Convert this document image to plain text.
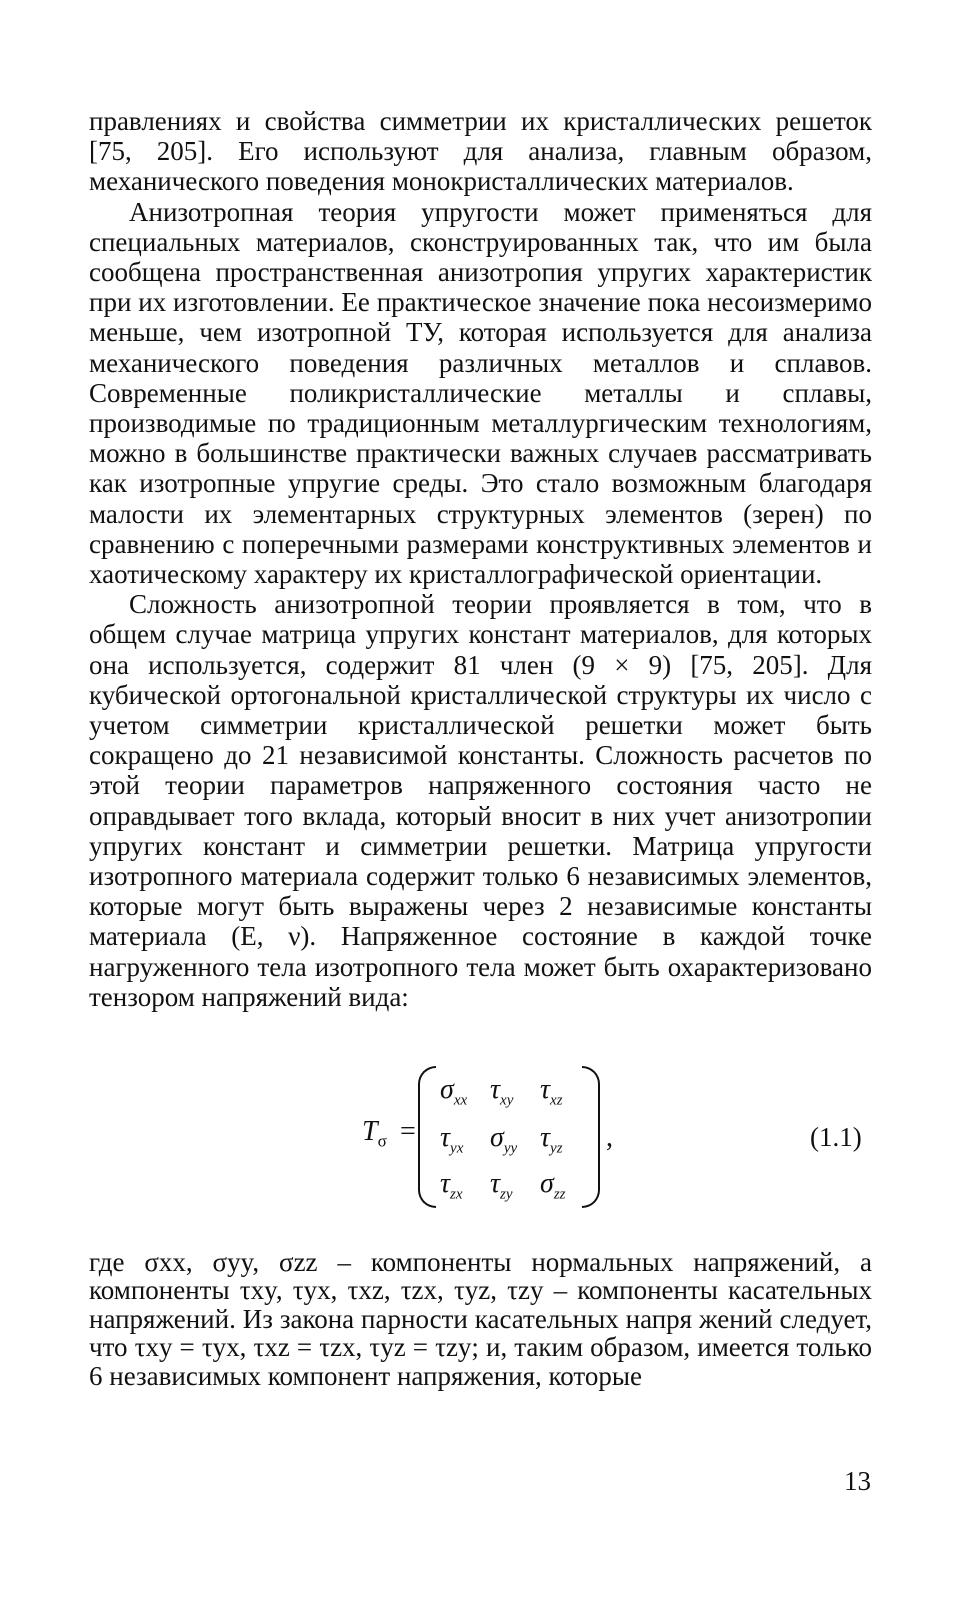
правлениях и свойства симметрии их кристаллических решеток [75, 205]. Его используют для анализа, главным образом, механического поведения монокристаллических материалов.

Анизотропная теория упругости может применяться для специальных материалов, сконструированных так, что им была сообщена пространственная анизотропия упругих характеристик при их изготовлении. Ее практическое значение пока несоизмеримо меньше, чем изотропной ТУ, которая используется для анализа механического поведения различных металлов и сплавов. Современные поликристаллические металлы и сплавы, производимые по традиционным металлургическим технологиям, можно в большинстве практически важных случаев рассматривать как изотропные упругие среды. Это стало возможным благодаря малости их элементарных структурных элементов (зерен) по сравнению с поперечными размерами конструктивных элементов и хаотическому характеру их кристаллографической ориентации.

Сложность анизотропной теории проявляется в том, что в общем случае матрица упругих констант материалов, для которых она используется, содержит 81 член (9 × 9) [75, 205]. Для кубической ортогональной кристаллической структуры их число с учетом симметрии кристаллической решетки может быть сокращено до 21 независимой константы. Сложность расчетов по этой теории параметров напряженного состояния часто не оправдывает того вклада, который вносит в них учет анизотропии упругих констант и симметрии решетки. Матрица упругости изотропного материала содержит только 6 независимых элементов, которые могут быть выражены через 2 независимые константы материала (E, ν). Напряженное состояние в каждой точке нагруженного тела изотропного тела может быть охарактеризовано тензором напряжений вида:

$T_\sigma$ =
$\sigma_{xx}$ $\tau_{xy}$ $\tau_{xz}$
$\tau_{yx}$ $\sigma_{yy}$ $\tau_{yz}$
$\tau_{zx}$ $\tau_{zy}$ $\sigma_{zz}$
,	(1.1)

где σxx, σyy, σzz – компоненты нормальных напряжений, а компоненты τxy, τyx, τxz, τzx, τyz, τzy – компоненты касательных напряжений. Из закона парности касательных напря жений следует, что τxy = τyx, τxz = τzx, τyz = τzy; и, таким образом, имеется только 6 независимых компонент напряжения, которые

13
